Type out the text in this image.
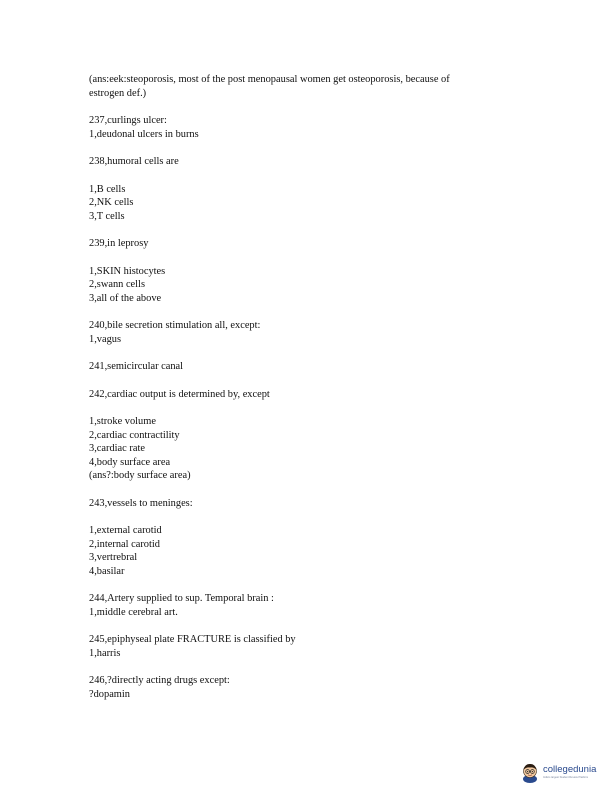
(ans:eek:steoporosis, most of the post menopausal women get osteoporosis, because of
estrogen def.)
237,curlings ulcer:
1,deudonal ulcers in burns
238,humoral cells are
1,B cells
2,NK cells
3,T cells
239,in leprosy
1,SKIN histocytes
2,swann cells
3,all of the above
240,bile secretion stimulation all, except:
1,vagus
241,semicircular canal
242,cardiac output is determined by, except
1,stroke volume
2,cardiac contractility
3,cardiac rate
4,body surface area
(ans?:body surface area)
243,vessels to meninges:
1,external carotid
2,internal carotid
3,vertrebral
4,basilar
244,Artery supplied to sup. Temporal brain :
1,middle cerebral art.
245,epiphyseal plate FRACTURE is classified by
1,harris
246,?directly acting drugs except:
?dopamin
collegedunia
India's largest Student Review Platform
